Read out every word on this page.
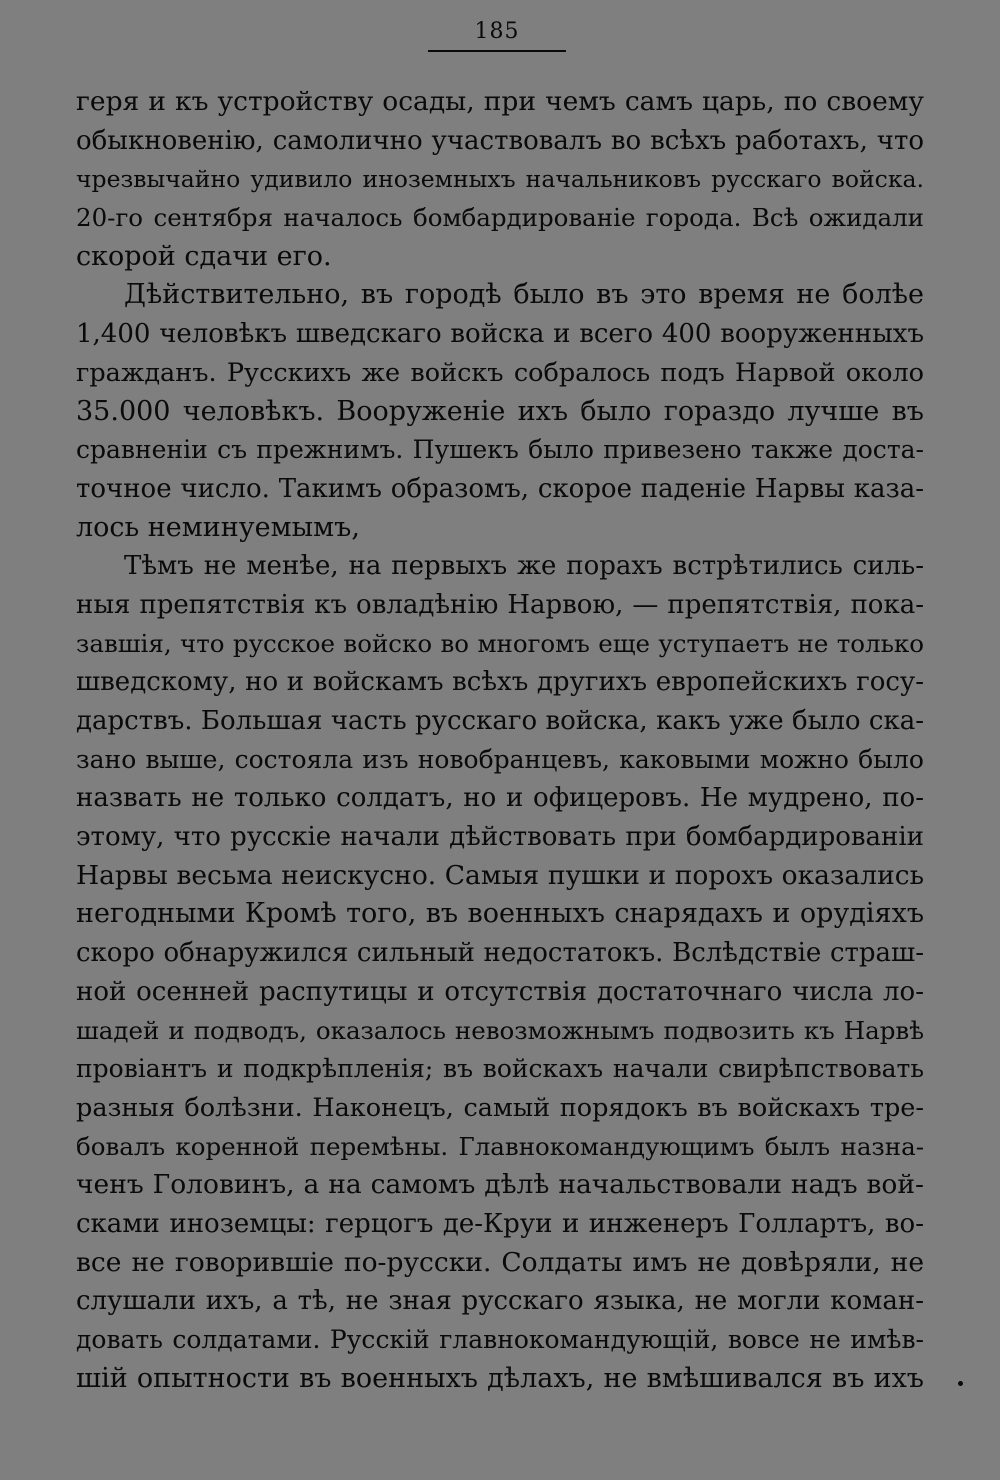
185
геря и къ устройству осады, при чемъ самъ царь, по своему
обыкновенію, самолично участвовалъ во всѣхъ работахъ, что
чрезвычайно удивило иноземныхъ начальниковъ русскаго войска.
20-го сентября началось бомбардированіе города. Всѣ ожидали
скорой сдачи его.
Дѣйствительно, въ городѣ было въ это время не болѣе
1,400 человѣкъ шведскаго войска и всего 400 вооруженныхъ
гражданъ. Русскихъ же войскъ собралось подъ Нарвой около
35.000 человѣкъ. Вооруженіе ихъ было гораздо лучше въ
сравненіи съ прежнимъ. Пушекъ было привезено также доста-
точное число. Такимъ образомъ, скорое паденіе Нарвы каза-
лось неминуемымъ,
Тѣмъ не менѣе, на первыхъ же порахъ встрѣтились силь-
ныя препятствія къ овладѣнію Нарвою, — препятствія, пока-
завшія, что русское войско во многомъ еще уступаетъ не только
шведскому, но и войскамъ всѣхъ другихъ европейскихъ госу-
дарствъ. Большая часть русскаго войска, какъ уже было ска-
зано выше, состояла изъ новобранцевъ, каковыми можно было
назвать не только солдатъ, но и офицеровъ. Не мудрено, по-
этому, что русскіе начали дѣйствовать при бомбардированіи
Нарвы весьма неискусно. Самыя пушки и порохъ оказались
негодными Кромѣ того, въ военныхъ снарядахъ и орудіяхъ
скоро обнаружился сильный недостатокъ. Вслѣдствіе страш-
ной осенней распутицы и отсутствія достаточнаго числа ло-
шадей и подводъ, оказалось невозможнымъ подвозить къ Нарвѣ
провіантъ и подкрѣпленія; въ войскахъ начали свирѣпствовать
разныя болѣзни. Наконецъ, самый порядокъ въ войскахъ тре-
бовалъ коренной перемѣны. Главнокомандующимъ былъ назна-
ченъ Головинъ, а на самомъ дѣлѣ начальствовали надъ вой-
сками иноземцы: герцогъ де-Круи и инженеръ Голлартъ, во-
все не говорившіе по-русски. Солдаты имъ не довѣряли, не
слушали ихъ, а тѣ, не зная русскаго языка, не могли коман-
довать солдатами. Русскій главнокомандующій, вовсе не имѣв-
шій опытности въ военныхъ дѣлахъ, не вмѣшивался въ ихъ
